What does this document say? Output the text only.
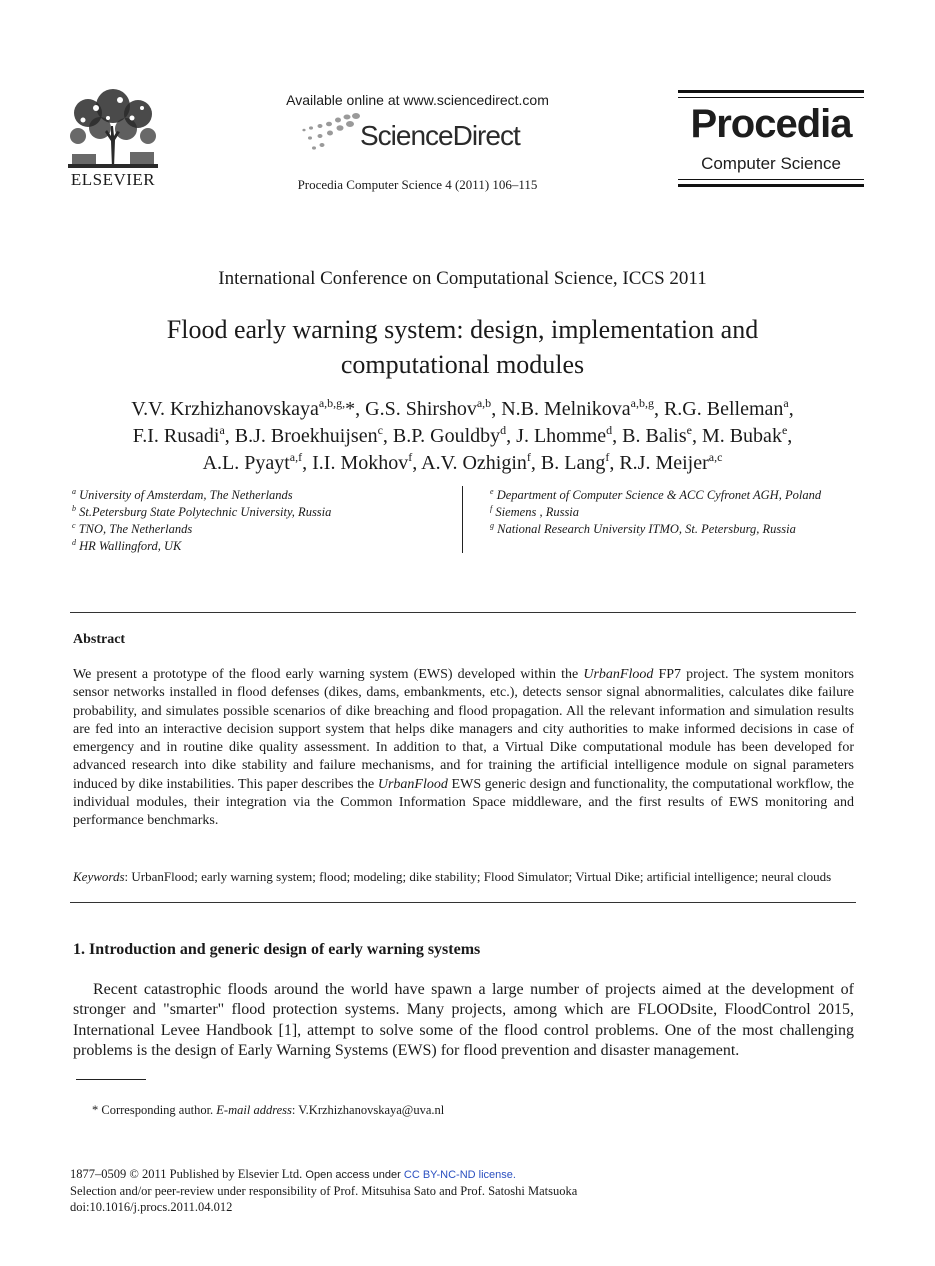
ELSEVIER
Available online at www.sciencedirect.com
ScienceDirect
Procedia Computer Science 4 (2011) 106–115
Procedia
Computer Science
International Conference on Computational Science, ICCS 2011
Flood early warning system: design, implementation and computational modules
V.V. Krzhizhanovskaya$^{a,b,g,}$*, G.S. Shirshov$^{a,b}$, N.B. Melnikova$^{a,b,g}$, R.G. Belleman$^a$,
F.I. Rusadi$^a$, B.J. Broekhuijsen$^c$, B.P. Gouldby$^d$, J. Lhomme$^d$, B. Balis$^e$, M. Bubak$^e$,
A.L. Pyayt$^{a,f}$, I.I. Mokhov$^f$, A.V. Ozhigin$^f$, B. Lang$^f$, R.J. Meijer$^{a,c}$
$^a$ University of Amsterdam, The Netherlands
$^b$ St.Petersburg State Polytechnic University, Russia
$^c$ TNO, The Netherlands
$^d$ HR Wallingford, UK
$^e$ Department of Computer Science & ACC Cyfronet AGH, Poland
$^f$ Siemens , Russia
$^g$ National Research University ITMO, St. Petersburg, Russia
Abstract
We present a prototype of the flood early warning system (EWS) developed within the UrbanFlood FP7 project. The system monitors sensor networks installed in flood defenses (dikes, dams, embankments, etc.), detects sensor signal abnormalities, calculates dike failure probability, and simulates possible scenarios of dike breaching and flood propagation. All the relevant information and simulation results are fed into an interactive decision support system that helps dike managers and city authorities to make informed decisions in case of emergency and in routine dike quality assessment. In addition to that, a Virtual Dike computational module has been developed for advanced research into dike stability and failure mechanisms, and for training the artificial intelligence module on signal parameters induced by dike instabilities. This paper describes the UrbanFlood EWS generic design and functionality, the computational workflow, the individual modules, their integration via the Common Information Space middleware, and the first results of EWS monitoring and performance benchmarks.
Keywords: UrbanFlood; early warning system; flood; modeling; dike stability; Flood Simulator; Virtual Dike; artificial intelligence; neural clouds
1. Introduction and generic design of early warning systems
Recent catastrophic floods around the world have spawn a large number of projects aimed at the development of stronger and "smarter" flood protection systems. Many projects, among which are FLOODsite, FloodControl 2015, International Levee Handbook [1], attempt to solve some of the flood control problems. One of the most challenging problems is the design of Early Warning Systems (EWS) for flood prevention and disaster management.
* Corresponding author. E-mail address: V.Krzhizhanovskaya@uva.nl
1877–0509 © 2011 Published by Elsevier Ltd. Open access under CC BY-NC-ND license.
Selection and/or peer-review under responsibility of Prof. Mitsuhisa Sato and Prof. Satoshi Matsuoka
doi:10.1016/j.procs.2011.04.012
